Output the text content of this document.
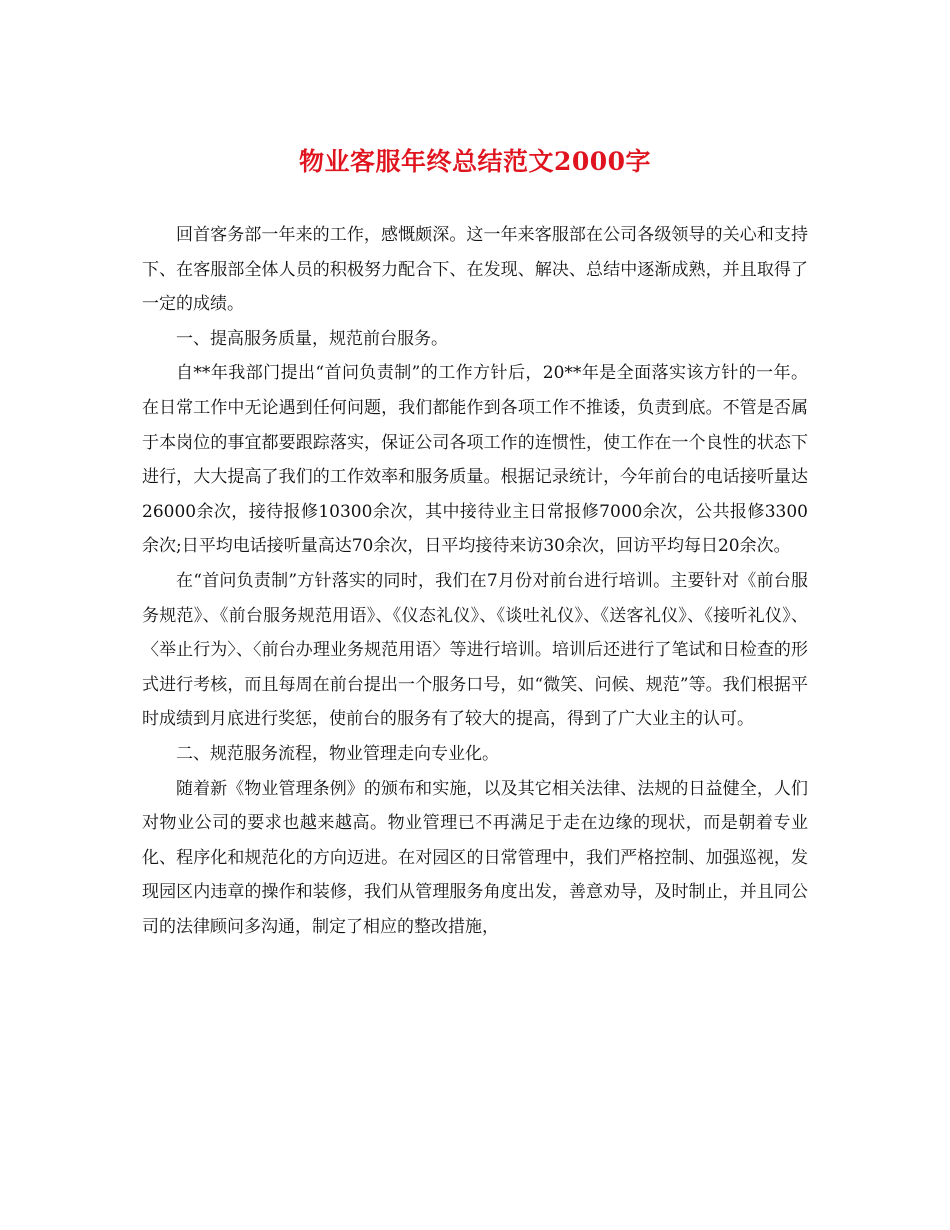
物业客服年终总结范文2000字

回首客务部一年来的工作，感慨颇深。这一年来客服部在公司各级领导的关心和支持下、在客服部全体人员的积极努力配合下、在发现、解决、总结中逐渐成熟，并且取得了一定的成绩。

一、提高服务质量，规范前台服务。

自**年我部门提出“首问负责制”的工作方针后，20**年是全面落实该方针的一年。在日常工作中无论遇到任何问题，我们都能作到各项工作不推诿，负责到底。不管是否属于本岗位的事宜都要跟踪落实，保证公司各项工作的连惯性，使工作在一个良性的状态下进行，大大提高了我们的工作效率和服务质量。根据记录统计，今年前台的电话接听量达26000余次，接待报修10300余次，其中接待业主日常报修7000余次，公共报修3300余次;日平均电话接听量高达70余次，日平均接待来访30余次，回访平均每日20余次。

在“首问负责制”方针落实的同时，我们在7月份对前台进行培训。主要针对《前台服务规范》、《前台服务规范用语》、《仪态礼仪》、《谈吐礼仪》、《送客礼仪》、《接听礼仪》、〈举止行为〉、〈前台办理业务规范用语〉等进行培训。培训后还进行了笔试和日检查的形式进行考核，而且每周在前台提出一个服务口号，如“微笑、问候、规范”等。我们根据平时成绩到月底进行奖惩，使前台的服务有了较大的提高，得到了广大业主的认可。

二、规范服务流程，物业管理走向专业化。

随着新《物业管理条例》的颁布和实施，以及其它相关法律、法规的日益健全，人们对物业公司的要求也越来越高。物业管理已不再满足于走在边缘的现状，而是朝着专业化、程序化和规范化的方向迈进。在对园区的日常管理中，我们严格控制、加强巡视，发现园区内违章的操作和装修，我们从管理服务角度出发，善意劝导，及时制止，并且同公司的法律顾问多沟通，制定了相应的整改措施，
